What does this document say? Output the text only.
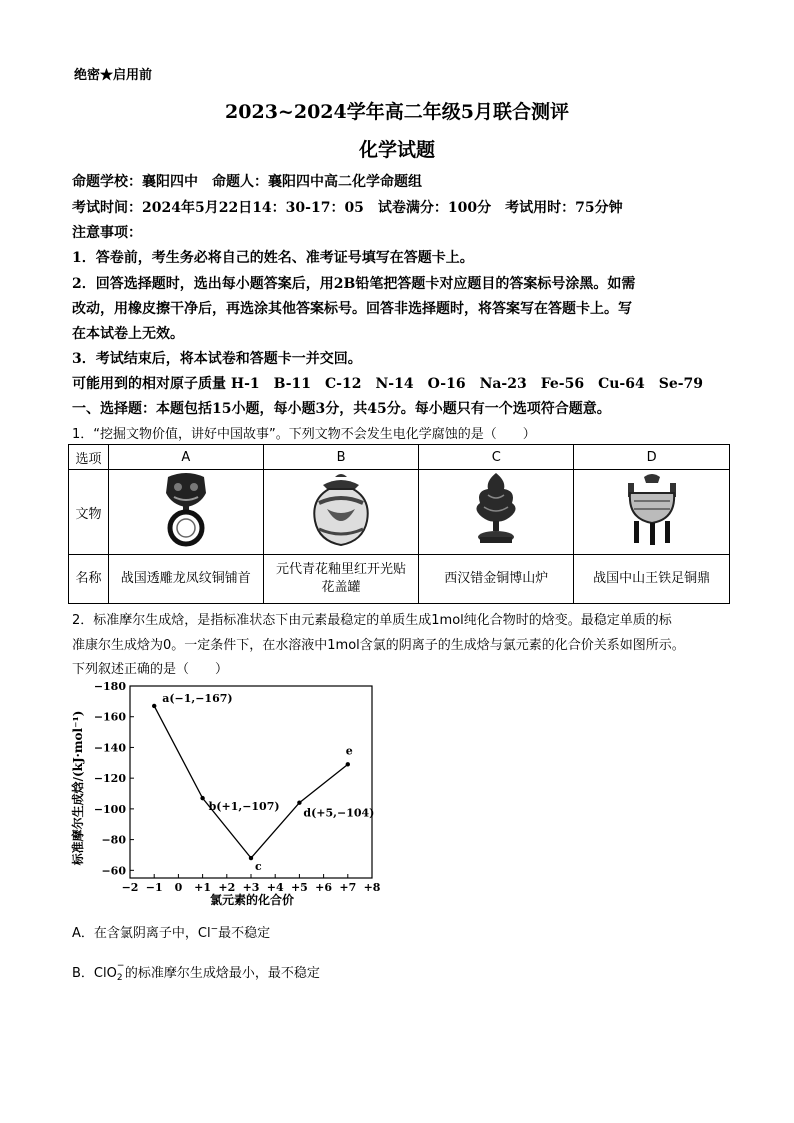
绝密★启用前
2023~2024学年高二年级5月联合测评
化学试题
命题学校：襄阳四中　命题人：襄阳四中高二化学命题组
考试时间：2024年5月22日14：30-17：05　试卷满分：100分　考试用时：75分钟
注意事项：
1．答卷前，考生务必将自己的姓名、准考证号填写在答题卡上。
2．回答选择题时，选出每小题答案后，用2B铅笔把答题卡对应题目的答案标号涂黑。如需
改动，用橡皮擦干净后，再选涂其他答案标号。回答非选择题时，将答案写在答题卡上。写
在本试卷上无效。
3．考试结束后，将本试卷和答题卡一并交回。
可能用到的相对原子质量 H-1　B-11　C-12　N-14　O-16　Na-23　Fe-56　Cu-64　Se-79
一、选择题：本题包括15小题，每小题3分，共45分。每小题只有一个选项符合题意。
1．“挖掘文物价值，讲好中国故事”。下列文物不会发生电化学腐蚀的是（　　）
选项	A	B	C	D
文物				
名称	战国透雕龙凤纹铜铺首	元代青花釉里红开光贴
花盖罐	西汉错金铜博山炉	战国中山王铁足铜鼎
2．标准摩尔生成焓，是指标准状态下由元素最稳定的单质生成1mol纯化合物时的焓变。最稳定单质的标
准康尔生成焓为0。一定条件下，在水溶液中1mol含氯的阴离子的生成焓与氯元素的化合价关系如图所示。
下列叙述正确的是（　　）
−180
−160
−140
−120
−100
−80
−60
−2 −1 0 +1 +2 +3 +4 +5 +6 +7 +8
a(−1,−167)
b(+1,−107)
c
d(+5,−104)
e
标准摩尔生成焓/(kJ·mol⁻¹)
氯元素的化合价
A．在含氯阴离子中，Cl−最不稳定
B．ClO −
2 的标准摩尔生成焓最小，最不稳定
